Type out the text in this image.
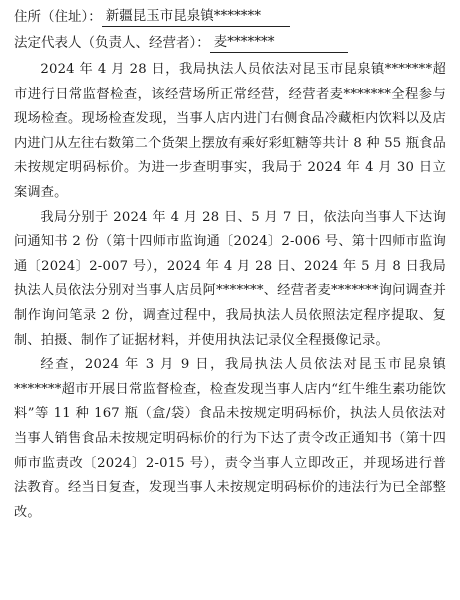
住所（住址）： 新疆昆玉市昆泉镇*******
法定代表人（负责人、经营者）： 麦*******

2024 年 4 月 28 日，我局执法人员依法对昆玉市昆泉镇*******超市进行日常监督检查，该经营场所正常经营，经营者麦*******全程参与现场检查。现场检查发现，当事人店内进门右侧食品冷藏柜内饮料以及店内进门从左往右数第二个货架上摆放有乘好彩虹糖等共计 8 种 55 瓶食品未按规定明码标价。为进一步查明事实，我局于 2024 年 4 月 30 日立案调查。

我局分别于 2024 年 4 月 28 日、5 月 7 日，依法向当事人下达询问通知书 2 份（第十四师市监询通〔2024〕2-006 号、第十四师市监询通〔2024〕2-007 号），2024 年 4 月 28 日、2024 年 5 月 8 日我局执法人员依法分别对当事人店员阿*******、经营者麦*******询问调查并制作询问笔录 2 份，调查过程中，我局执法人员依照法定程序提取、复制、拍摄、制作了证据材料，并使用执法记录仪全程摄像记录。

经查，2024 年 3 月 9 日，我局执法人员依法对昆玉市昆泉镇*******超市开展日常监督检查，检查发现当事人店内“红牛维生素功能饮料”等 11 种 167 瓶（盒/袋）食品未按规定明码标价，执法人员依法对当事人销售食品未按规定明码标价的行为下达了责令改正通知书（第十四师市监责改〔2024〕2-015 号），责令当事人立即改正，并现场进行普法教育。经当日复查，发现当事人未按规定明码标价的违法行为已全部整改。
